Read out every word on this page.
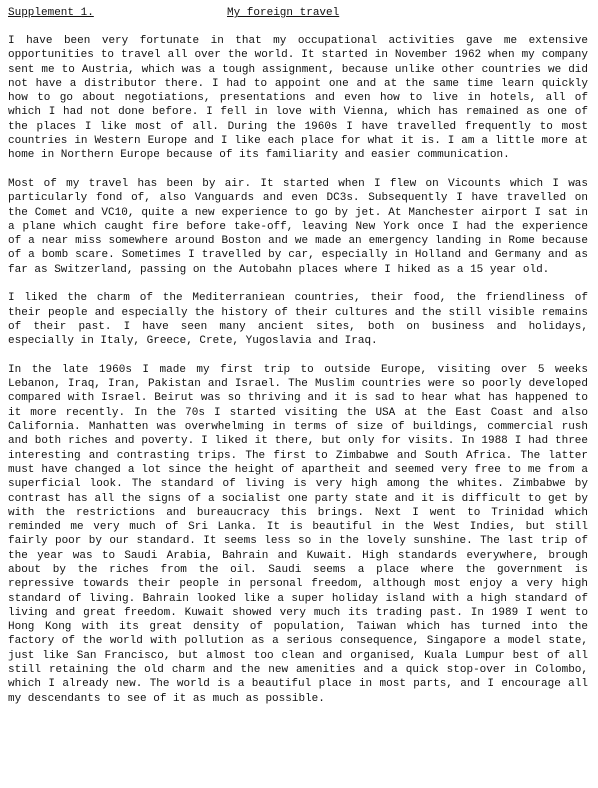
Supplement 1.

	My foreign travel

I have been very fortunate in that my occupational activities gave me extensive opportunities to travel all over the world. It started in November 1962 when my company sent me to Austria, which was a tough assignment, because unlike other countries we did not have a distributor there. I had to appoint one and at the same time learn quickly how to go about negotiations, presentations and even how to live in hotels, all of which I had not done before. I fell in love with Vienna, which has remained as one of the places I like most of all. During the 1960s I have travelled frequently to most countries in Western Europe and I like each place for what it is. I am a little more at home in Northern Europe because of its familiarity and easier communication.

Most of my travel has been by air. It started when I flew on Vicounts which I was particularly fond of, also Vanguards and even DC3s. Subsequently I have travelled on the Comet and VC10, quite a new experience to go by jet. At Manchester airport I sat in a plane which caught fire before take-off, leaving New York once I had the experience of a near miss somewhere around Boston and we made an emergency landing in Rome because of a bomb scare. Sometimes I travelled by car, especially in Holland and Germany and as far as Switzerland, passing on the Autobahn places where I hiked as a 15 year old.

I liked the charm of the Mediterraniean countries, their food, the friendliness of their people and especially the history of their cultures and the still visible remains of their past. I have seen many ancient sites, both on business and holidays, especially in Italy, Greece, Crete, Yugoslavia and Iraq.

In the late 1960s I made my first trip to outside Europe, visiting over 5 weeks Lebanon, Iraq, Iran, Pakistan and Israel. The Muslim countries were so poorly developed compared with Israel. Beirut was so thriving and it is sad to hear what has happened to it more recently. In the 70s I started visiting the USA at the East Coast and also California. Manhatten was overwhelming in terms of size of buildings, commercial rush and both riches and poverty. I liked it there, but only for visits. In 1988 I had three interesting and contrasting trips. The first to Zimbabwe and South Africa. The latter must have changed a lot since the height of apartheit and seemed very free to me from a superficial look. The standard of living is very high among the whites. Zimbabwe by contrast has all the signs of a socialist one party state and it is difficult to get by with the restrictions and bureaucracy this brings. Next I went to Trinidad which reminded me very much of Sri Lanka. It is beautiful in the West Indies, but still fairly poor by our standard. It seems less so in the lovely sunshine. The last trip of the year was to Saudi Arabia, Bahrain and Kuwait. High standards everywhere, brough about by the riches from the oil. Saudi seems a place where the government is repressive towards their people in personal freedom, although most enjoy a very high standard of living. Bahrain looked like a super holiday island with a high standard of living and great freedom. Kuwait showed very much its trading past. In 1989 I went to Hong Kong with its great density of population, Taiwan which has turned into the factory of the world with pollution as a serious consequence, Singapore a model state, just like San Francisco, but almost too clean and organised, Kuala Lumpur best of all still retaining the old charm and the new amenities and a quick stop-over in Colombo, which I already new. The world is a beautiful place in most parts, and I encourage all my descendants to see of it as much as possible.
